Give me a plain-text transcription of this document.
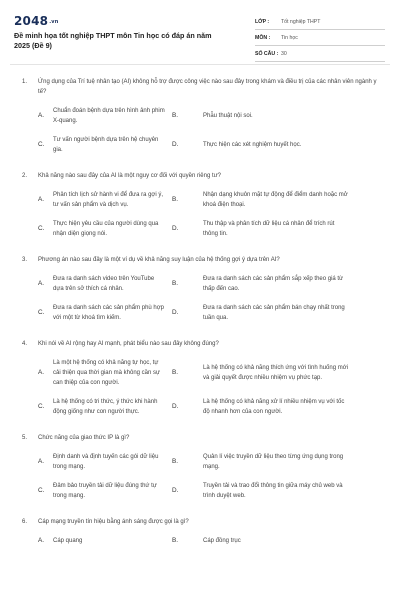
2048.vn
Đề minh họa tốt nghiệp THPT môn Tin học có đáp án năm 2025 (Đề 9)
LỚP :	Tốt nghiệp THPT
MÔN :	Tin học
SỐ CÂU : 30
1. Ứng dụng của Trí tuệ nhân tạo (AI) không hỗ trợ được công việc nào sau đây trong khám và điều trị của các nhân viên ngành y tế?
A.
Chuẩn đoán bệnh dựa trên hình ảnh phim X-quang.
B.	Phẫu thuật nội soi.
C.
Tư vấn người bệnh dựa trên hệ chuyên gia.
D.	Thực hiện các xét nghiệm huyết học.
2. Khả năng nào sau đây của AI là một nguy cơ đối với quyền riêng tư?
A.
Phân tích lịch sử hành vi để đưa ra gợi ý, tư vấn sản phẩm và dịch vụ.
B.
Nhận dạng khuôn mặt tự động để điểm danh hoặc mở khoá điện thoại.
C.
Thực hiện yêu cầu của người dùng qua nhận diện giọng nói.
D.
Thu thập và phân tích dữ liệu cá nhân để trích rút thông tin.
3. Phương án nào sau đây là một ví dụ về khả năng suy luận của hệ thống gợi ý dựa trên AI?
A.
Đưa ra danh sách video trên YouTube dựa trên sở thích cá nhân.
B.
Đưa ra danh sách các sản phẩm sắp xếp theo giá từ thấp đến cao.
C.
Đưa ra danh sách các sản phẩm phù hợp với một từ khoá tìm kiếm.
D.
Đưa ra danh sách các sản phẩm bán chạy nhất trong tuần qua.
4. Khi nói về AI rộng hay AI mạnh, phát biểu nào sau đây không đúng?
A.
Là một hệ thống có khả năng tự học, tự cải thiện qua thời gian mà không cần sự can thiệp của con người.
B.
Là hệ thống có khả năng thích ứng với tình huống mới và giải quyết được nhiều nhiệm vụ phức tạp.
C.
Là hệ thống có tri thức, ý thức khi hành động giống như con người thực.
D.
Là hệ thống có khả năng xử lí nhiều nhiệm vụ với tốc độ nhanh hơn của con người.
5. Chức năng của giao thức IP là gì?
A.
Định danh và định tuyến các gói dữ liệu trong mạng.
B.
Quản lí việc truyền dữ liệu theo từng ứng dụng trong mạng.
C.
Đảm bảo truyền tải dữ liệu đúng thứ tự trong mạng.
D.
Truyền tải và trao đổi thông tin giữa máy chủ web và trình duyệt web.
6. Cáp mạng truyền tín hiệu bằng ánh sáng được gọi là gì?
A.	Cáp quang	B.	Cáp đồng trục
